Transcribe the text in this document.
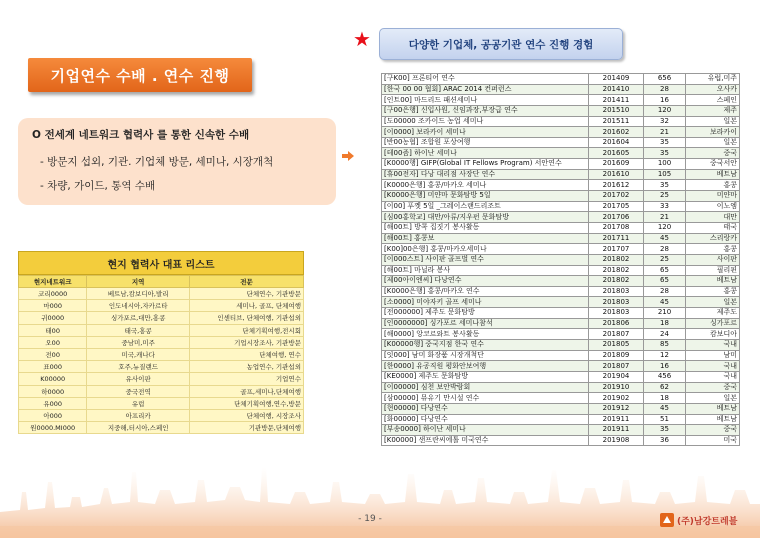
기업연수 수배 . 연수 진행
O 전세계 네트워크 협력사 를 통한 신속한 수배
- 방문지 섭외, 기관. 기업체 방문, 세미나, 시장개척
- 차량, 가이드, 통역 수배
현지 협력사 대표 리스트
현지네트워크	지역	전문
코리0000	베트남,캄보디아,발리	단체연수, 기관방문
마000	인도네시아,자카르타	세미나, 골프, 단체여행
귀0000	싱가포르,대만,홍콩	인센티브, 단체여행, 기관섭외
태00	태국,홍콩	단체기획여행,전시회
오00	중남미,미주	기업시장조사, 기관방문
전00	미국,캐나다	단체여행, 연수
표000	호주,뉴질랜드	농업연수, 기관섭외
K00000	유사이판	기업연수
하0000	중국전역	골프,세미나,단체여행
유000	유럽	단체기획여행,연수,방문
아000	아프리카	단체여행, 시장조사
원0000.MI000	지중해,터시아,스페인	기관방문,단체여행
★	다양한 기업체, 공공기관 연수 진행 경험
[구K00] 프론티어 연수	201409	656	유럽,미주
[한국 00 00 협회] ARAC 2014 컨퍼런스	201410	28	오사카
[인트00] 마드리드 패션세미나	201411	16	스페인
[구00은행] 신입사원, 신임과장,부장급 연수	201510	120	제주
[도00000 조카이드 농업 세미나	201511	32	일본
[이0000] 보라카이 세미나	201602	21	보라카이
[반00농협] 조합원 포상여행	201604	35	일본
[테00즘] 하이난 세미나	201605	35	중국
[K0000행] GIFP(Global IT Fellows Program) 서안연수	201609	100	중국서안
[휴00전자] 다낭 대리점 사장단 연수	201610	105	베트남
[K0000은행] 홍콩/마카오 세미나	201612	35	홍콩
[K0000은행] 미얀마 문화탐방 5일	201702	25	미얀마
[이00] 푸껫 5일 _그레이스랜드리조트	201705	33	이노엠
[심00홍학교] 대만/아류/지우펀 문화탐방	201706	21	대만
[해00트] 방콕 집짓기 봉사활동	201708	120	태국
[해00트] 홍콩보	201711	45	스리랑카
[K00]00은행] 홍콩/마카오세미나	201707	28	홍콩
[이000스트] 사이판 골프벌 연수	201802	25	사이판
[해00트] 마닐라 봉사	201802	65	필리핀
[제00아이엔씨] 다낭연수	201802	65	베트남
[K0000은행] 홍콩/마카오 연수	201803	28	홍콩
[소0000] 미야자키 골프 세미나	201803	45	일본
[전000000] 제주도 문화탐방	201803	210	제주도
[인0000000] 싱가포르 세미나참석	201806	18	싱가포르
[해0000] 앙코르와트 봉사활동	201807	24	캄보디아
[K00000행] 중국지점 한국 연수	201805	85	국내
[잇000] 남미 화장품 시장개척단	201809	12	남미
[한0000] 유공직원 평화안보여행	201807	16	국내
[KE0000] 제주도 문화탐방	201904	456	국내
[이00000] 심천 보안박람회	201910	62	중국
[삼00000] 뮤유기 만시설 연수	201902	18	일본
[현00000] 다낭연수	201912	45	베트남
[화00000] 다낭연수	201911	51	베트남
[부송0000] 하이난 세미나	201911	35	중국
[K00000] 샌프란씨에톨 미국연수	201908	36	미국
- 19 -	(주)남강트레블
